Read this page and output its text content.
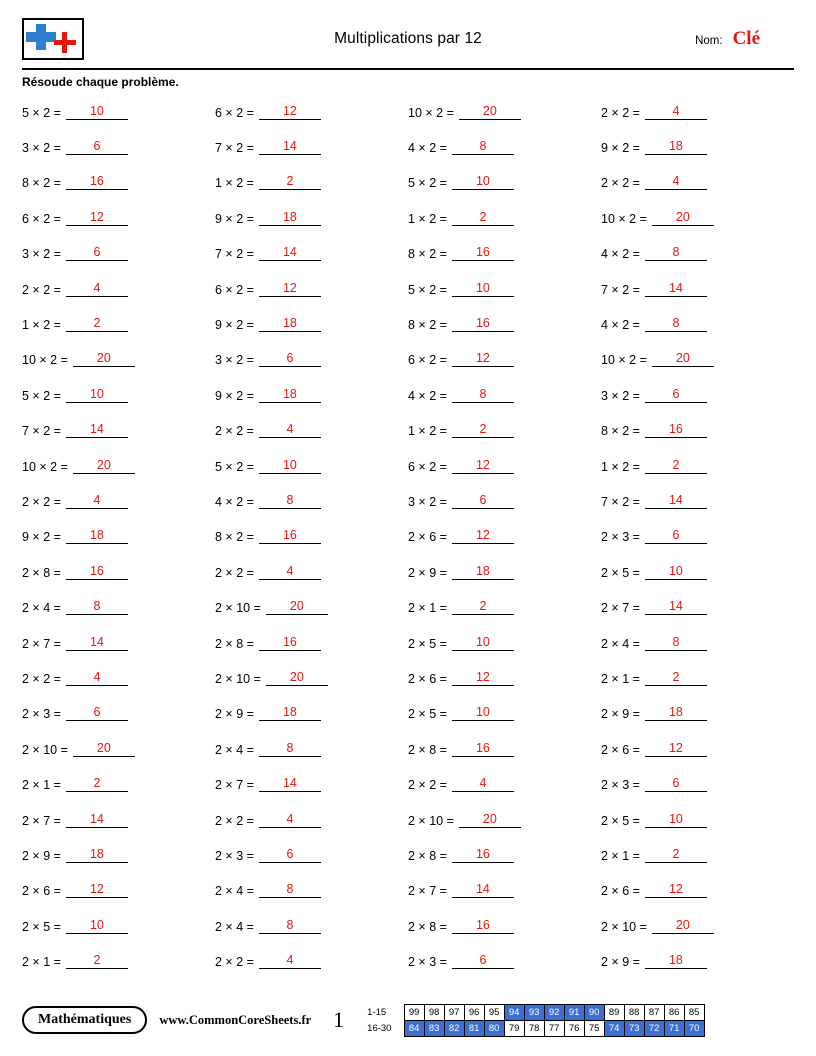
Multiplications par 12	Nom: Clé
Résoude chaque problème.
5 × 2 =	10	6 × 2 =	12	10 × 2 =	20	2 × 2 =	4
3 × 2 =	6	7 × 2 =	14	4 × 2 =	8	9 × 2 =	18
8 × 2 =	16	1 × 2 =	2	5 × 2 =	10	2 × 2 =	4
6 × 2 =	12	9 × 2 =	18	1 × 2 =	2	10 × 2 =	20
3 × 2 =	6	7 × 2 =	14	8 × 2 =	16	4 × 2 =	8
2 × 2 =	4	6 × 2 =	12	5 × 2 =	10	7 × 2 =	14
1 × 2 =	2	9 × 2 =	18	8 × 2 =	16	4 × 2 =	8
10 × 2 =	20	3 × 2 =	6	6 × 2 =	12	10 × 2 =	20
5 × 2 =	10	9 × 2 =	18	4 × 2 =	8	3 × 2 =	6
7 × 2 =	14	2 × 2 =	4	1 × 2 =	2	8 × 2 =	16
10 × 2 =	20	5 × 2 =	10	6 × 2 =	12	1 × 2 =	2
2 × 2 =	4	4 × 2 =	8	3 × 2 =	6	7 × 2 =	14
9 × 2 =	18	8 × 2 =	16	2 × 6 =	12	2 × 3 =	6
2 × 8 =	16	2 × 2 =	4	2 × 9 =	18	2 × 5 =	10
2 × 4 =	8	2 × 10 =	20	2 × 1 =	2	2 × 7 =	14
2 × 7 =	14	2 × 8 =	16	2 × 5 =	10	2 × 4 =	8
2 × 2 =	4	2 × 10 =	20	2 × 6 =	12	2 × 1 =	2
2 × 3 =	6	2 × 9 =	18	2 × 5 =	10	2 × 9 =	18
2 × 10 =	20	2 × 4 =	8	2 × 8 =	16	2 × 6 =	12
2 × 1 =	2	2 × 7 =	14	2 × 2 =	4	2 × 3 =	6
2 × 7 =	14	2 × 2 =	4	2 × 10 =	20	2 × 5 =	10
2 × 9 =	18	2 × 3 =	6	2 × 8 =	16	2 × 1 =	2
2 × 6 =	12	2 × 4 =	8	2 × 7 =	14	2 × 6 =	12
2 × 5 =	10	2 × 4 =	8	2 × 8 =	16	2 × 10 =	20
2 × 1 =	2	2 × 2 =	4	2 × 3 =	6	2 × 9 =	18
Mathématiques	www.CommonCoreSheets.fr 1 1-15	99	98	97	96	95	94	93	92	91	90	89	88	87	86	85
16-30	84	83	82	81	80	79	78	77	76	75	74	73	72	71	70
